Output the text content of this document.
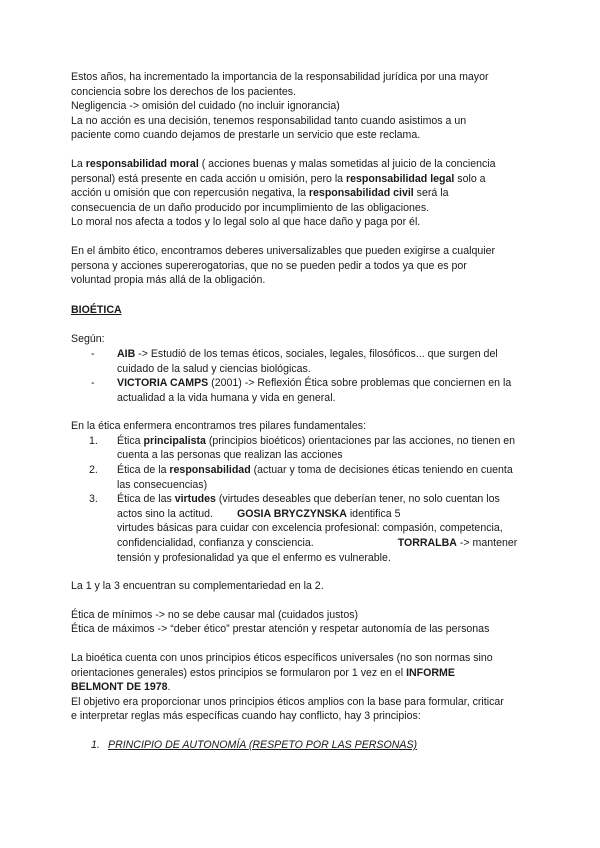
Estos años, ha incrementado la importancia de la responsabilidad jurídica por una mayor

conciencia sobre los derechos de los pacientes.

Negligencia -> omisión del cuidado (no incluir ignorancia)

La no acción es una decisión, tenemos responsabilidad tanto cuando asistimos a un

paciente como cuando dejamos de prestarle un servicio que este reclama.

La responsabilidad moral ( acciones buenas y malas sometidas al juicio de la conciencia

personal) está presente en cada acción u omisión, pero la responsabilidad legal solo a

acción u omisión que con repercusión negativa, la responsabilidad civil será la

consecuencia de un daño producido por incumplimiento de las obligaciones.

Lo moral nos afecta a todos y lo legal solo al que hace daño y paga por él.

En el ámbito ético, encontramos deberes universalizables que pueden exigirse a cualquier

persona y acciones supererogatorias, que no se pueden pedir a todos ya que es por

voluntad propia más allá de la obligación.

BIOÉTICA

Según:

- AIB -> Estudió de los temas éticos, sociales, legales, filosóficos... que surgen del
cuidado de la salud y ciencias biológicas.
- VICTORIA CAMPS (2001) -> Reflexión Ética sobre problemas que conciernen en la
actualidad a la vida humana y vida en general.

En la ética enfermera encontramos tres pilares fundamentales:

1. Ética principalista (principios bioéticos) orientaciones par las acciones, no tienen en
cuenta a las personas que realizan las acciones
2. Ética de la responsabilidad (actuar y toma de decisiones éticas teniendo en cuenta
las consecuencias)
3. Ética de las virtudes (virtudes deseables que deberían tener, no solo cuentan los
actos sino la actitud. GOSIA BRYCZYNSKA identifica 5
virtudes básicas para cuidar con excelencia profesional: compasión, competencia,
confidencialidad, confianza y consciencia.	TORRALBA -> mantener
tensión y profesionalidad ya que el enfermo es vulnerable.

La 1 y la 3 encuentran su complementariedad en la 2.

Ética de mínimos -> no se debe causar mal (cuidados justos)

Ética de máximos -> “deber ético” prestar atención y respetar autonomía de las personas

La bioética cuenta con unos principios éticos específicos universales (no son normas sino

orientaciones generales) estos principios se formularon por 1 vez en el INFORME

BELMONT DE 1978.

El objetivo era proporcionar unos principios éticos amplios con la base para formular, criticar

e interpretar reglas más específicas cuando hay conflicto, hay 3 principios:

1. PRINCIPIO DE AUTONOMÍA (RESPETO POR LAS PERSONAS)
